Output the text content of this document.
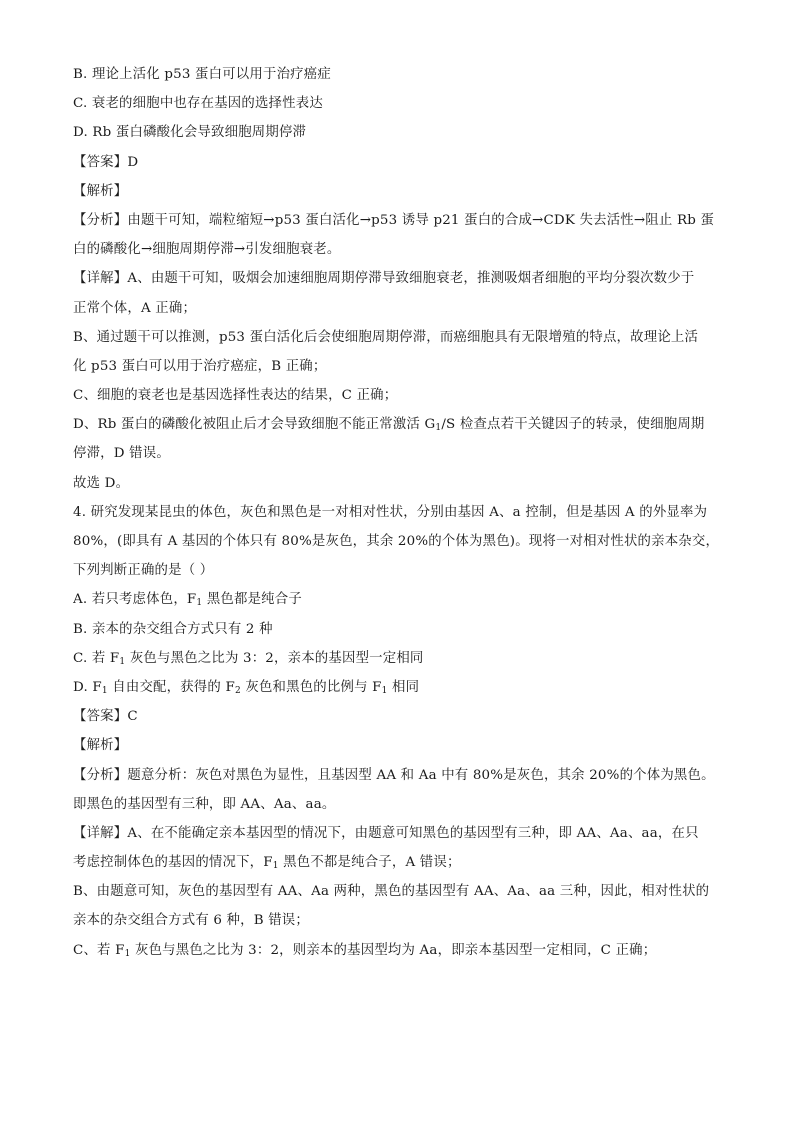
B. 理论上活化 p53 蛋白可以用于治疗癌症
C. 衰老的细胞中也存在基因的选择性表达
D. Rb 蛋白磷酸化会导致细胞周期停滞
【答案】D
【解析】
【分析】由题干可知，端粒缩短→p53 蛋白活化→p53 诱导 p21 蛋白的合成→CDK 失去活性→阻止 Rb 蛋
白的磷酸化→细胞周期停滞→引发细胞衰老。
【详解】A、由题干可知，吸烟会加速细胞周期停滞导致细胞衰老，推测吸烟者细胞的平均分裂次数少于
正常个体，A 正确；
B、通过题干可以推测，p53 蛋白活化后会使细胞周期停滞，而癌细胞具有无限增殖的特点，故理论上活
化 p53 蛋白可以用于治疗癌症，B 正确；
C、细胞的衰老也是基因选择性表达的结果，C 正确；
D、Rb 蛋白的磷酸化被阻止后才会导致细胞不能正常激活 $G_1/S$ 检查点若干关键因子的转录，使细胞周期
停滞，D 错误。
故选 D。
4. 研究发现某昆虫的体色，灰色和黑色是一对相对性状，分别由基因 A、a 控制，但是基因 A 的外显率为
80%，(即具有 A 基因的个体只有 80%是灰色，其余 20%的个体为黑色)。现将一对相对性状的亲本杂交，
下列判断正确的是（ ）
A. 若只考虑体色，$F_1$ 黑色都是纯合子
B. 亲本的杂交组合方式只有 2 种
C. 若 $F_1$ 灰色与黑色之比为 3：2，亲本的基因型一定相同
D. $F_1$ 自由交配，获得的 $F_2$ 灰色和黑色的比例与 $F_1$ 相同
【答案】C
【解析】
【分析】题意分析：灰色对黑色为显性，且基因型 AA 和 Aa 中有 80%是灰色，其余 20%的个体为黑色。
即黑色的基因型有三种，即 AA、Aa、aa。
【详解】A、在不能确定亲本基因型的情况下，由题意可知黑色的基因型有三种，即 AA、Aa、aa，在只
考虑控制体色的基因的情况下，$F_1$ 黑色不都是纯合子，A 错误；
B、由题意可知，灰色的基因型有 AA、Aa 两种，黑色的基因型有 AA、Aa、aa 三种，因此，相对性状的
亲本的杂交组合方式有 6 种，B 错误；
C、若 $F_1$ 灰色与黑色之比为 3：2，则亲本的基因型均为 Aa，即亲本基因型一定相同，C 正确；
